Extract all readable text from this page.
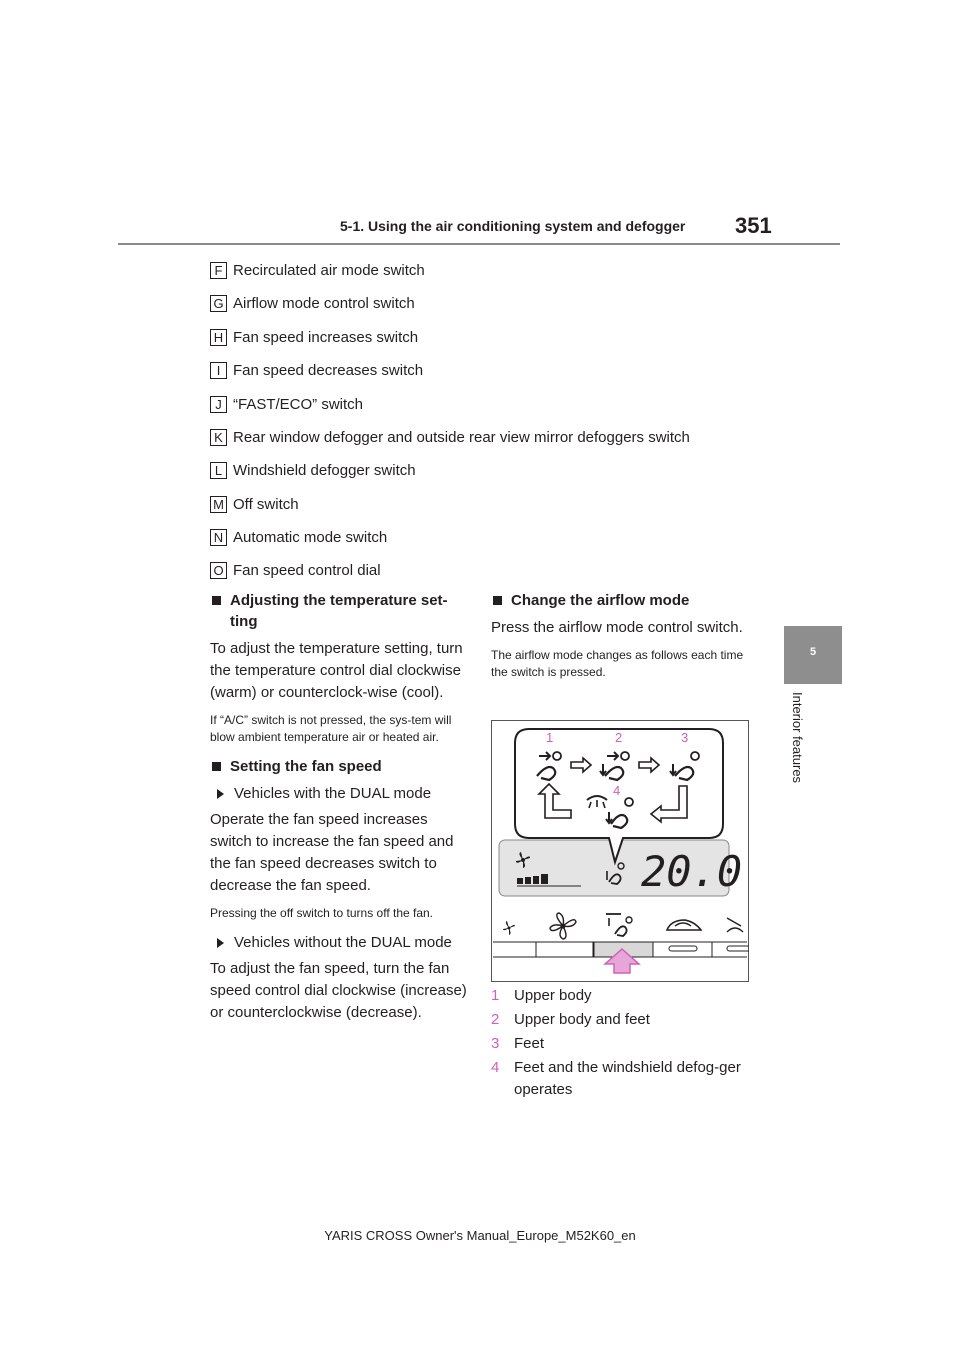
5-1. Using the air conditioning system and defogger 351
5
Interior features
F Recirculated air mode switch
G Airflow mode control switch
H Fan speed increases switch
I Fan speed decreases switch
J “FAST/ECO” switch
K Rear window defogger and outside rear view mirror defoggers switch
L Windshield defogger switch
M Off switch
N Automatic mode switch
O Fan speed control dial
Adjusting the temperature set-ting
To adjust the temperature setting, turn the temperature control dial clockwise (warm) or counterclock-wise (cool).
If “A/C” switch is not pressed, the sys-tem will blow ambient temperature air or heated air.
Setting the fan speed
Vehicles with the DUAL mode
Operate the fan speed increases switch to increase the fan speed and the fan speed decreases switch to decrease the fan speed.
Pressing the off switch to turns off the fan.
Vehicles without the DUAL mode
To adjust the fan speed, turn the fan speed control dial clockwise (increase) or counterclockwise (decrease).
Change the airflow mode
Press the airflow mode control switch.
The airflow mode changes as follows each time the switch is pressed.
1	2	3
4
20.0
1 Upper body
2 Upper body and feet
3 Feet
4 Feet and the windshield defog-ger operates
YARIS CROSS Owner's Manual_Europe_M52K60_en
